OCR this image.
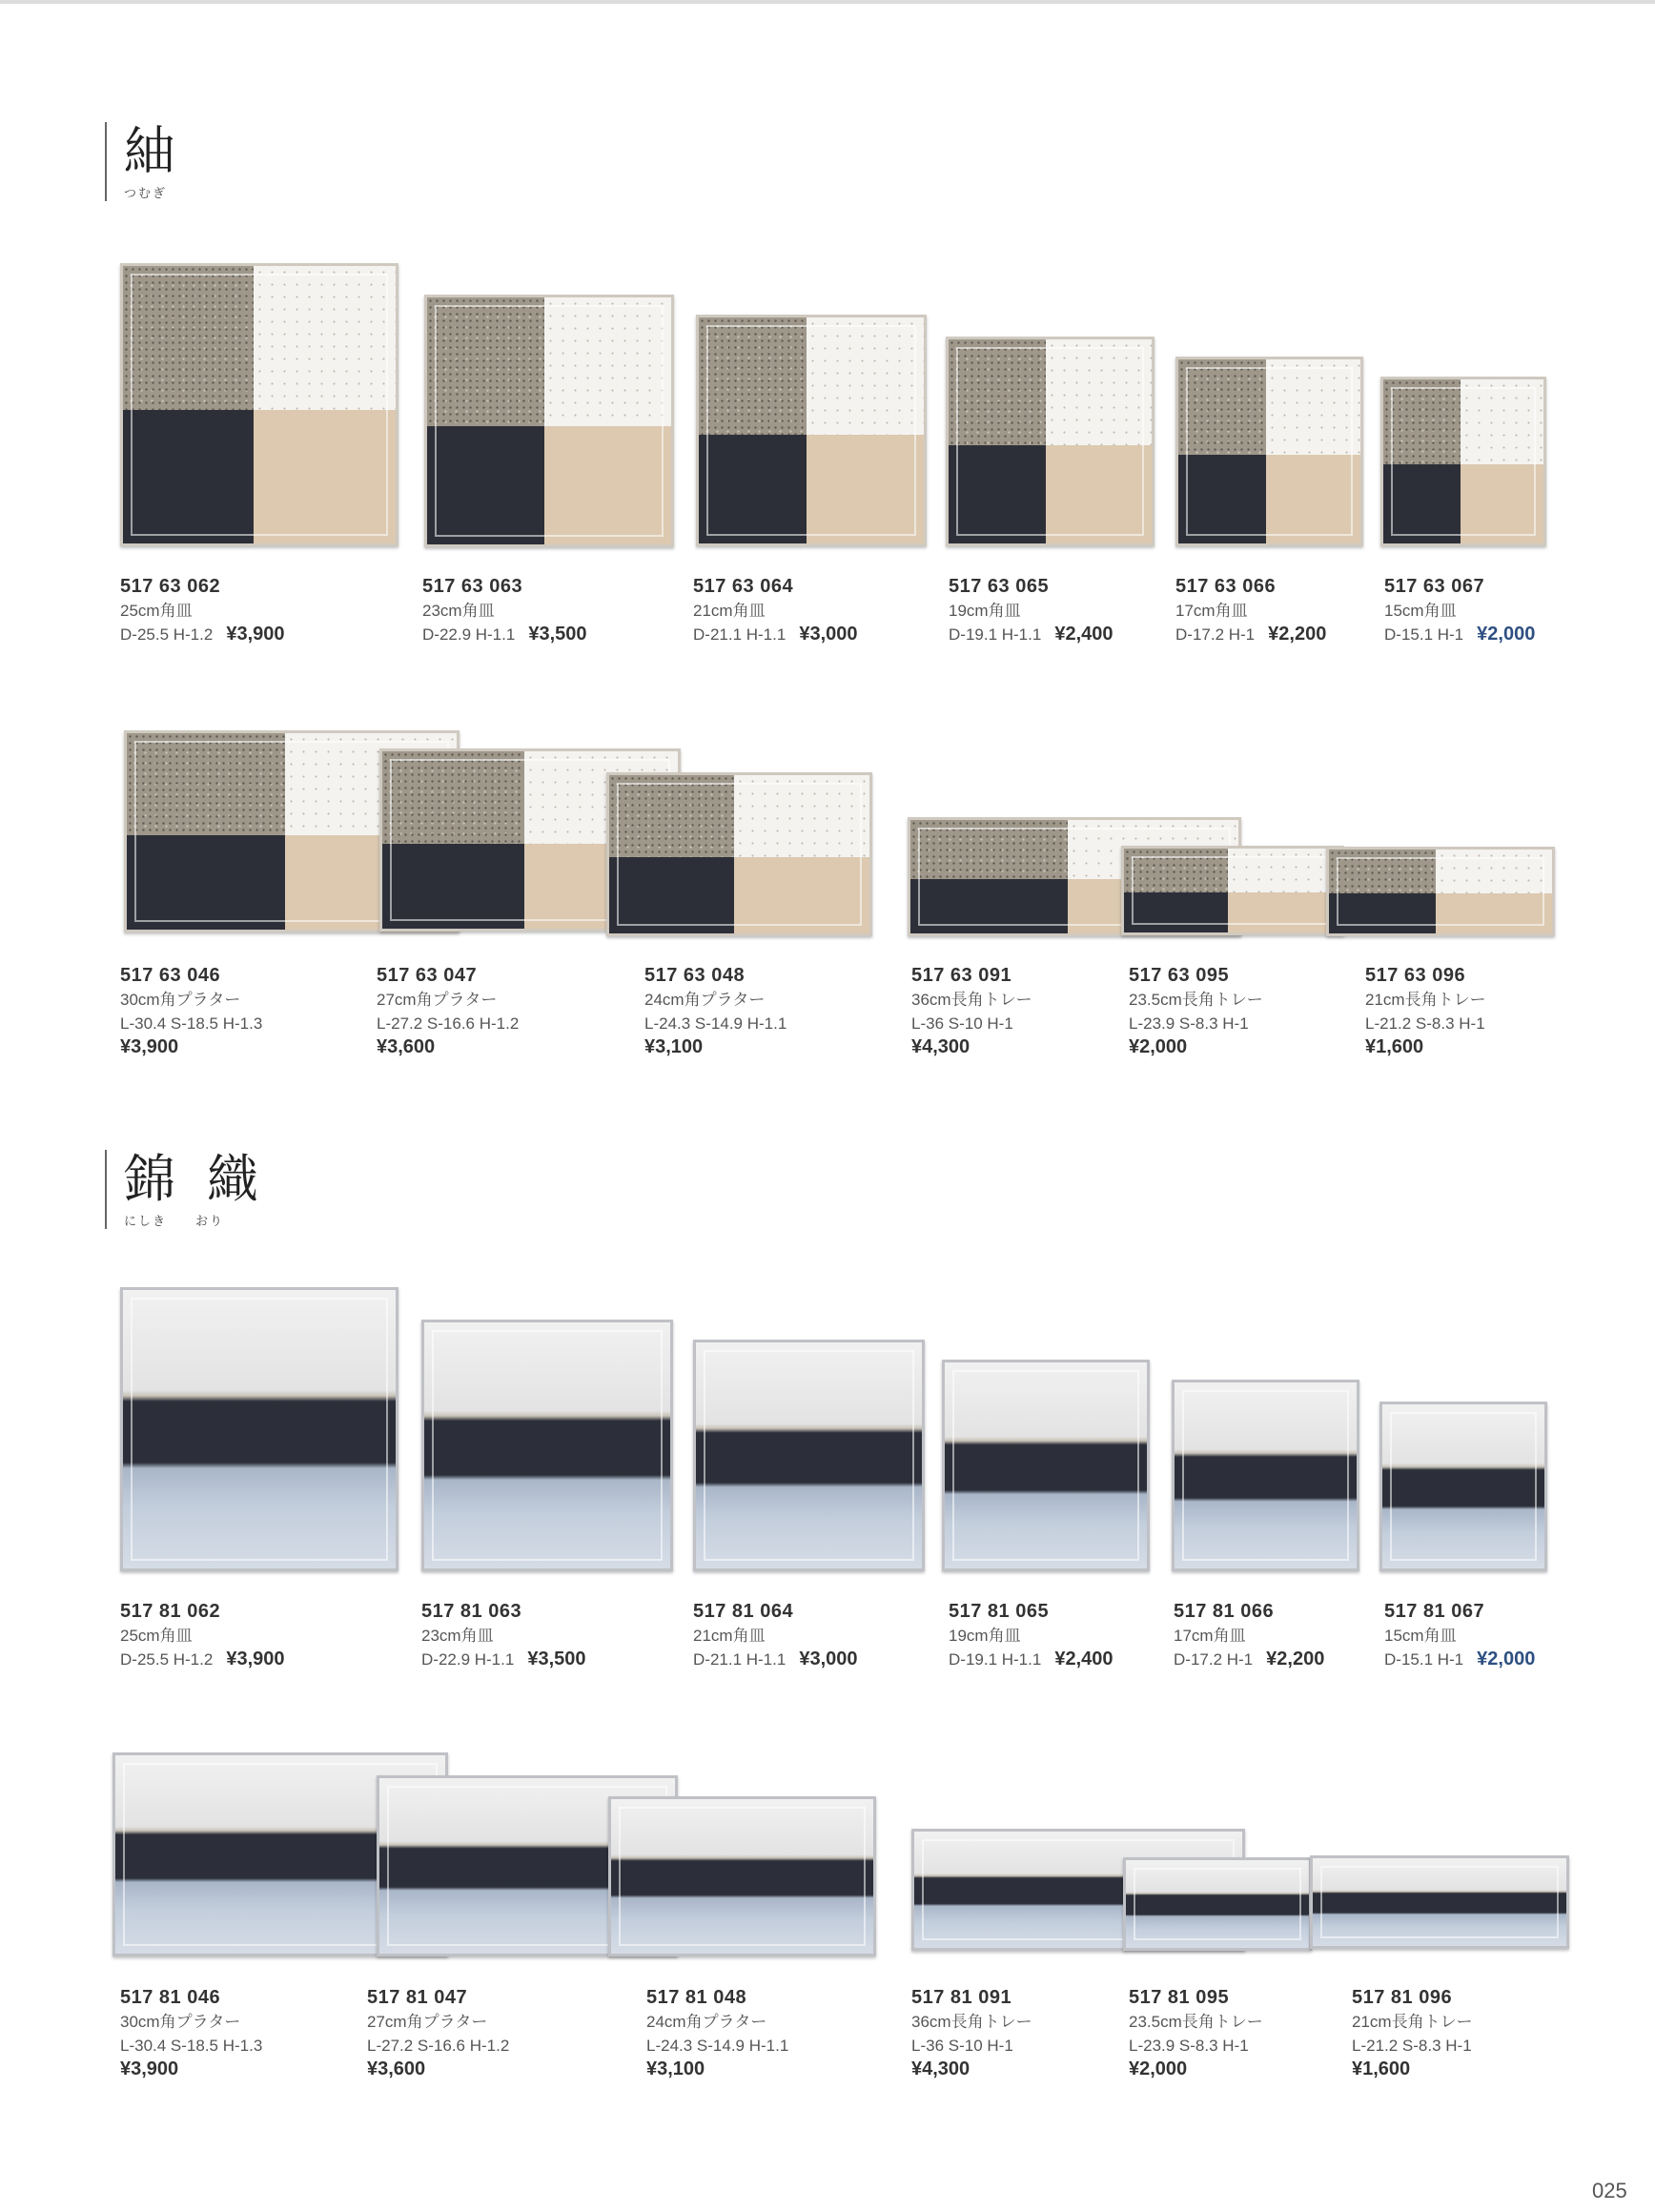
紬
つむぎ
517 63 062
25cm角皿
D-25.5 H-1.2 ¥3,900
517 63 063
23cm角皿
D-22.9 H-1.1 ¥3,500
517 63 064
21cm角皿
D-21.1 H-1.1 ¥3,000
517 63 065
19cm角皿
D-19.1 H-1.1 ¥2,400
517 63 066
17cm角皿
D-17.2 H-1 ¥2,200
517 63 067
15cm角皿
D-15.1 H-1 ¥2,000
517 63 046
30cm角プラター
L-30.4 S-18.5 H-1.3
¥3,900
517 63 047
27cm角プラター
L-27.2 S-16.6 H-1.2
¥3,600
517 63 048
24cm角プラター
L-24.3 S-14.9 H-1.1
¥3,100
517 63 091
36cm長角トレー
L-36 S-10 H-1
¥4,300
517 63 095
23.5cm長角トレー
L-23.9 S-8.3 H-1
¥2,000
517 63 096
21cm長角トレー
L-21.2 S-8.3 H-1
¥1,600
錦 織
にしき　　おり
517 81 062
25cm角皿
D-25.5 H-1.2 ¥3,900
517 81 063
23cm角皿
D-22.9 H-1.1 ¥3,500
517 81 064
21cm角皿
D-21.1 H-1.1 ¥3,000
517 81 065
19cm角皿
D-19.1 H-1.1 ¥2,400
517 81 066
17cm角皿
D-17.2 H-1 ¥2,200
517 81 067
15cm角皿
D-15.1 H-1 ¥2,000
517 81 046
30cm角プラター
L-30.4 S-18.5 H-1.3
¥3,900
517 81 047
27cm角プラター
L-27.2 S-16.6 H-1.2
¥3,600
517 81 048
24cm角プラター
L-24.3 S-14.9 H-1.1
¥3,100
517 81 091
36cm長角トレー
L-36 S-10 H-1
¥4,300
517 81 095
23.5cm長角トレー
L-23.9 S-8.3 H-1
¥2,000
517 81 096
21cm長角トレー
L-21.2 S-8.3 H-1
¥1,600
025
